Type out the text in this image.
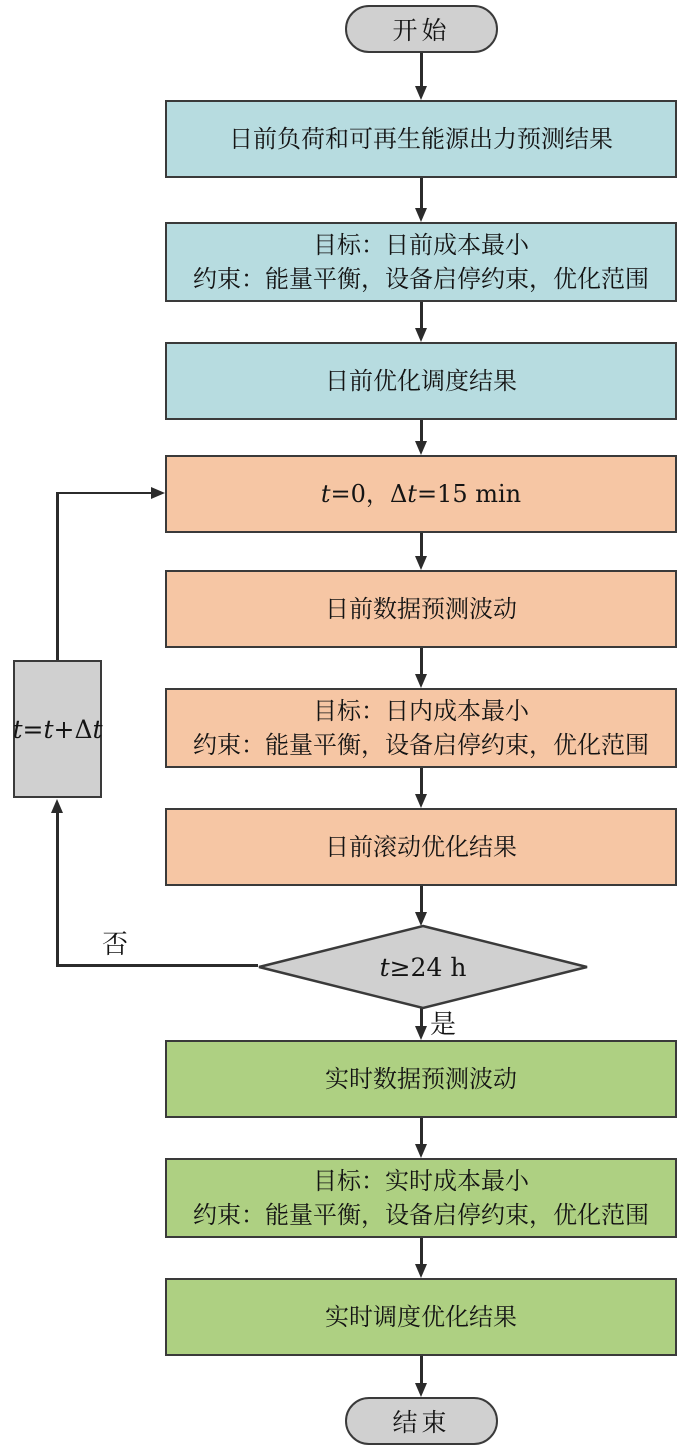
开始
日前负荷和可再生能源出力预测结果
目标：日前成本最小
约束：能量平衡，设备启停约束，优化范围
日前优化调度结果
t=0，Δt=15 min
日前数据预测波动
目标：日内成本最小
约束：能量平衡，设备启停约束，优化范围
日前滚动优化结果
t ≥24 h
是
否
t=t+Δt
实时数据预测波动
目标：实时成本最小
约束：能量平衡，设备启停约束，优化范围
实时调度优化结果
结束
